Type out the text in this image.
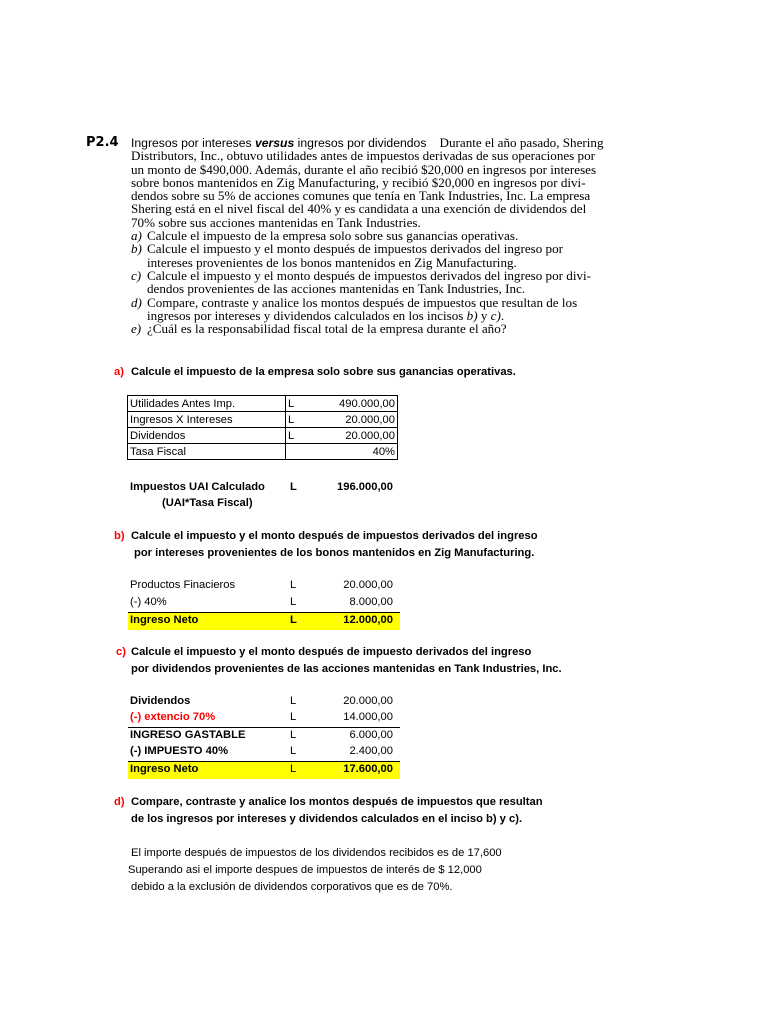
P2.4 Ingresos por intereses versus ingresos por dividendos    Durante el año pasado, Shering
Distributors, Inc., obtuvo utilidades antes de impuestos derivadas de sus operaciones por
un monto de $490,000. Además, durante el año recibió $20,000 en ingresos por intereses
sobre bonos mantenidos en Zig Manufacturing, y recibió $20,000 en ingresos por divi-
dendos sobre su 5% de acciones comunes que tenía en Tank Industries, Inc. La empresa
Shering está en el nivel fiscal del 40% y es candidata a una exención de dividendos del
70% sobre sus acciones mantenidas en Tank Industries.
a) Calcule el impuesto de la empresa solo sobre sus ganancias operativas.
b) Calcule el impuesto y el monto después de impuestos derivados del ingreso por
intereses provenientes de los bonos mantenidos en Zig Manufacturing.
c) Calcule el impuesto y el monto después de impuestos derivados del ingreso por divi-
dendos provenientes de las acciones mantenidas en Tank Industries, Inc.
d) Compare, contraste y analice los montos después de impuestos que resultan de los
ingresos por intereses y dividendos calculados en los incisos b) y c).
e) ¿Cuál es la responsabilidad fiscal total de la empresa durante el año?
a) Calcule el impuesto de la empresa solo sobre sus ganancias operativas.
Utilidades Antes Imp.	L 490.000,00
Ingresos X Intereses	L 20.000,00
Dividendos	L 20.000,00
Tasa Fiscal	40%
Impuestos UAI Calculado L	196.000,00
(UAI*Tasa Fiscal)
b) Calcule el impuesto y el monto después de impuestos derivados del ingreso
por intereses provenientes de los bonos mantenidos en Zig Manufacturing.
Productos Finacieros	L	20.000,00
(-) 40%	L	8.000,00
Ingreso Neto	L	12.000,00
c) Calcule el impuesto y el monto después de impuesto derivados del ingreso
por dividendos provenientes de las acciones mantenidas en Tank Industries, Inc.
Dividendos	L	20.000,00
(-) extencio 70%	L	14.000,00
INGRESO GASTABLE	L	6.000,00
(-) IMPUESTO 40%	L	2.400,00
Ingreso Neto	L	17.600,00
d) Compare, contraste y analice los montos después de impuestos que resultan
de los ingresos por intereses y dividendos calculados en el inciso b) y c).
El importe después de impuestos de los dividendos recibidos es de 17,600
Superando asi el importe despues de impuestos de interés de $ 12,000
debido a la exclusión de dividendos corporativos que es de 70%.
